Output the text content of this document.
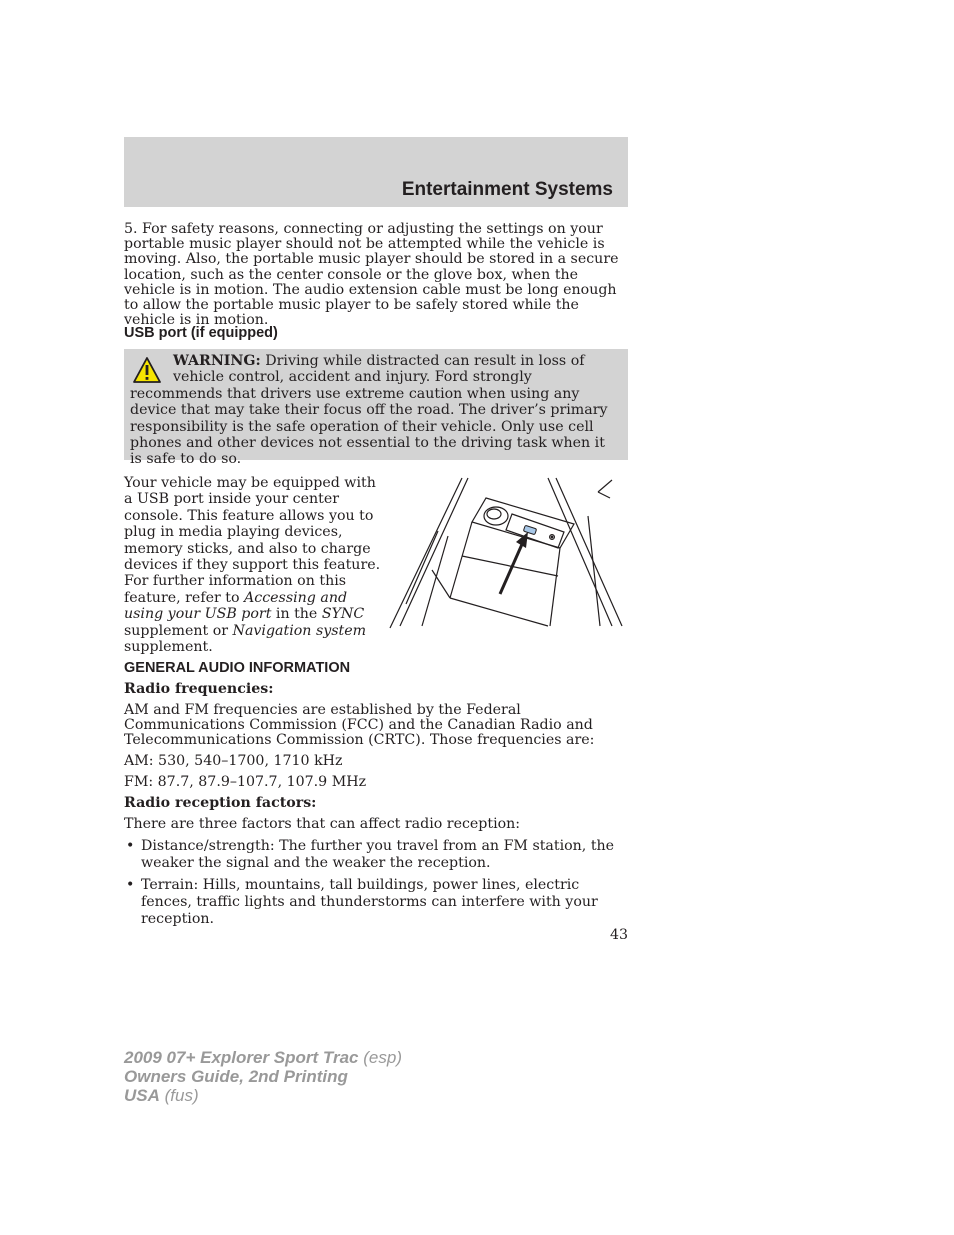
Entertainment Systems
5. For safety reasons, connecting or adjusting the settings on your portable music player should not be attempted while the vehicle is moving. Also, the portable music player should be stored in a secure location, such as the center console or the glove box, when the vehicle is in motion. The audio extension cable must be long enough to allow the portable music player to be safely stored while the vehicle is in motion.
USB port (if equipped)
WARNING: Driving while distracted can result in loss of vehicle control, accident and injury. Ford strongly recommends that drivers use extreme caution when using any device that may take their focus off the road. The driver’s primary responsibility is the safe operation of their vehicle. Only use cell phones and other devices not essential to the driving task when it is safe to do so.
Your vehicle may be equipped with a USB port inside your center console. This feature allows you to plug in media playing devices, memory sticks, and also to charge devices if they support this feature. For further information on this feature, refer to Accessing and using your USB port in the SYNC supplement or Navigation system supplement.
GENERAL AUDIO INFORMATION
Radio frequencies:
AM and FM frequencies are established by the Federal Communications Commission (FCC) and the Canadian Radio and Telecommunications Commission (CRTC). Those frequencies are:
AM: 530, 540–1700, 1710 kHz
FM: 87.7, 87.9–107.7, 107.9 MHz
Radio reception factors:
There are three factors that can affect radio reception:
• Distance/strength: The further you travel from an FM station, the weaker the signal and the weaker the reception.
• Terrain: Hills, mountains, tall buildings, power lines, electric fences, traffic lights and thunderstorms can interfere with your reception.
43
2009 07+ Explorer Sport Trac (esp)
Owners Guide, 2nd Printing
USA (fus)
